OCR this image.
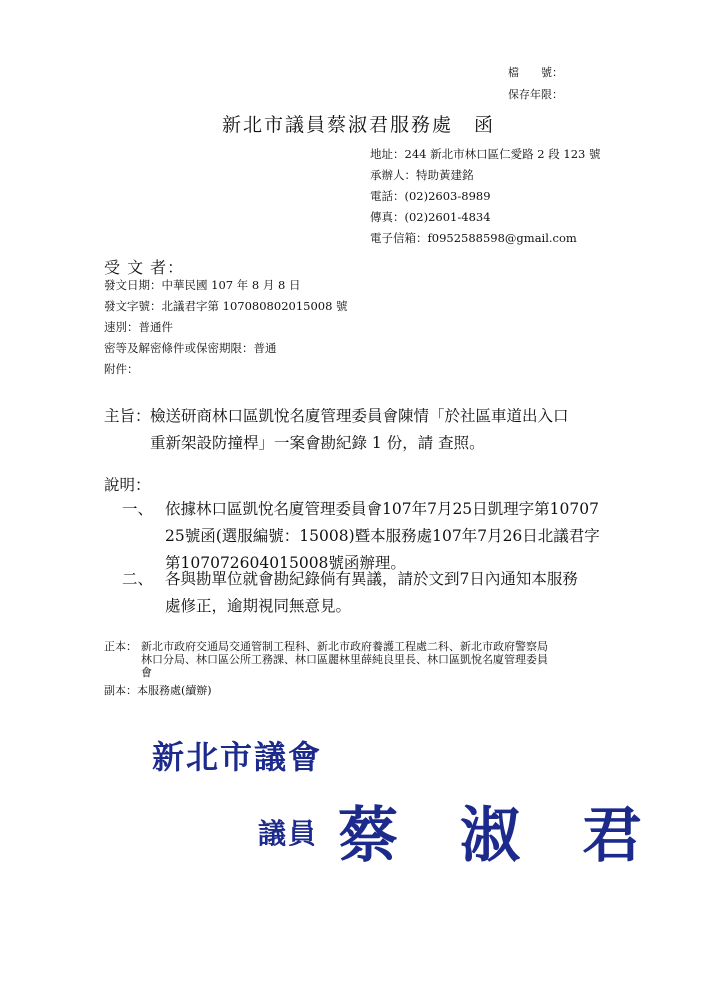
檔　　號：
保存年限：
新北市議員蔡淑君服務處　函
地址：244 新北市林口區仁愛路 2 段 123 號
承辦人：特助黃建銘
電話：(02)2603-8989
傳真：(02)2601-4834
電子信箱：f0952588598@gmail.com
受 文 者：
發文日期：中華民國 107 年 8 月 8 日
發文字號：北議君字第 107080802015008 號
速別：普通件
密等及解密條件或保密期限：普通
附件：
主旨： 檢送研商林口區凱悅名廈管理委員會陳情「於社區車道出入口
重新架設防撞桿」一案會勘紀錄 1 份，請 查照。
說明：
一、 依據林口區凱悅名廈管理委員會107年7月25日凱理字第10707
25號函(選服編號：15008)暨本服務處107年7月26日北議君字
第107072604015008號函辦理。
二、 各與勘單位就會勘紀錄倘有異議，請於文到7日內通知本服務
處修正，逾期視同無意見。
正本： 新北市政府交通局交通管制工程科、新北市政府養護工程處二科、新北市政府警察局
林口分局、林口區公所工務課、林口區麗林里薛純良里長、林口區凱悅名廈管理委員
會
副本：本服務處(續辦)
新北市議會
議員 蔡　淑　君
